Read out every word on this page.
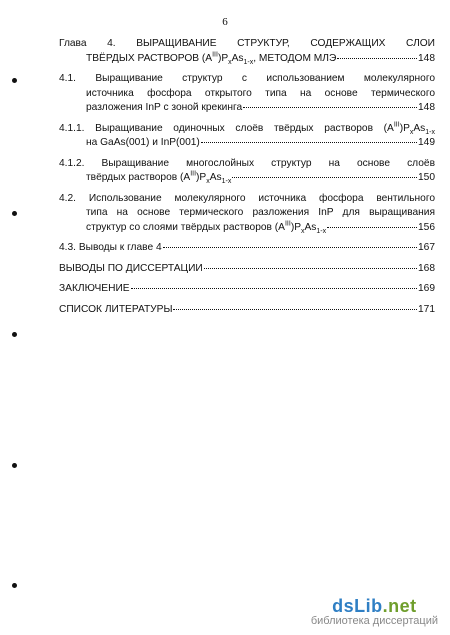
6
Глава 4. ВЫРАЩИВАНИЕ СТРУКТУР, СОДЕРЖАЩИХ СЛОИ
ТВЁРДЫХ РАСТВОРОВ $(A^{III})P_xAs_{1-x}$, МЕТОДОМ МЛЭ	148
4.1. Выращивание структур с использованием молекулярного
источника фосфора открытого типа на основе термического
разложения InP с зоной крекинга	148
4.1.1. Выращивание одиночных слоёв твёрдых растворов $(A^{III})P_xAs_{1-x}$
на GaAs(001) и InP(001)	149
4.1.2. Выращивание многослойных структур на основе слоёв
твёрдых растворов $(A^{III})P_xAs_{1-x}$	150
4.2. Использование молекулярного источника фосфора вентильного
типа на основе термического разложения InP для выращивания
структур со слоями твёрдых растворов $(A^{III})P_xAs_{1-x}$	156
4.3. Выводы к главе 4	167
ВЫВОДЫ ПО ДИССЕРТАЦИИ	168
ЗАКЛЮЧЕНИЕ	169
СПИСОК ЛИТЕРАТУРЫ	171
dsLib.net
библиотека диссертаций
